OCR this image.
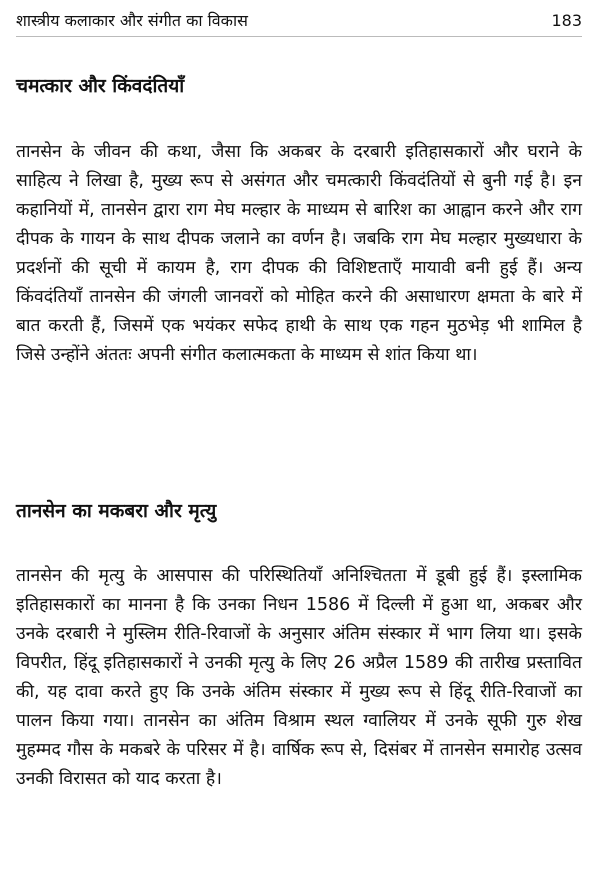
शास्त्रीय कलाकार और संगीत का विकास	183
चमत्कार और किंवदंतियाँ

तानसेन के जीवन की कथा, जैसा कि अकबर के दरबारी इतिहासकारों और घराने के साहित्य ने लिखा है, मुख्य रूप से असंगत और चमत्कारी किंवदंतियों से बुनी गई है। इन कहानियों में, तानसेन द्वारा राग मेघ मल्हार के माध्यम से बारिश का आह्वान करने और राग दीपक के गायन के साथ दीपक जलाने का वर्णन है। जबकि राग मेघ मल्हार मुख्यधारा के प्रदर्शनों की सूची में कायम है, राग दीपक की विशिष्टताएँ मायावी बनी हुई हैं। अन्य किंवदंतियाँ तानसेन की जंगली जानवरों को मोहित करने की असाधारण क्षमता के बारे में बात करती हैं, जिसमें एक भयंकर सफेद हाथी के साथ एक गहन मुठभेड़ भी शामिल है जिसे उन्होंने अंततः अपनी संगीत कलात्मकता के माध्यम से शांत किया था।

तानसेन का मकबरा और मृत्यु

तानसेन की मृत्यु के आसपास की परिस्थितियाँ अनिश्चितता में डूबी हुई हैं। इस्लामिक इतिहासकारों का मानना है कि उनका निधन 1586 में दिल्ली में हुआ था, अकबर और उनके दरबारी ने मुस्लिम रीति-रिवाजों के अनुसार अंतिम संस्कार में भाग लिया था। इसके विपरीत, हिंदू इतिहासकारों ने उनकी मृत्यु के लिए 26 अप्रैल 1589 की तारीख प्रस्तावित की, यह दावा करते हुए कि उनके अंतिम संस्कार में मुख्य रूप से हिंदू रीति-रिवाजों का पालन किया गया। तानसेन का अंतिम विश्राम स्थल ग्वालियर में उनके सूफी गुरु शेख मुहम्मद गौस के मकबरे के परिसर में है। वार्षिक रूप से, दिसंबर में तानसेन समारोह उत्सव उनकी विरासत को याद करता है।
